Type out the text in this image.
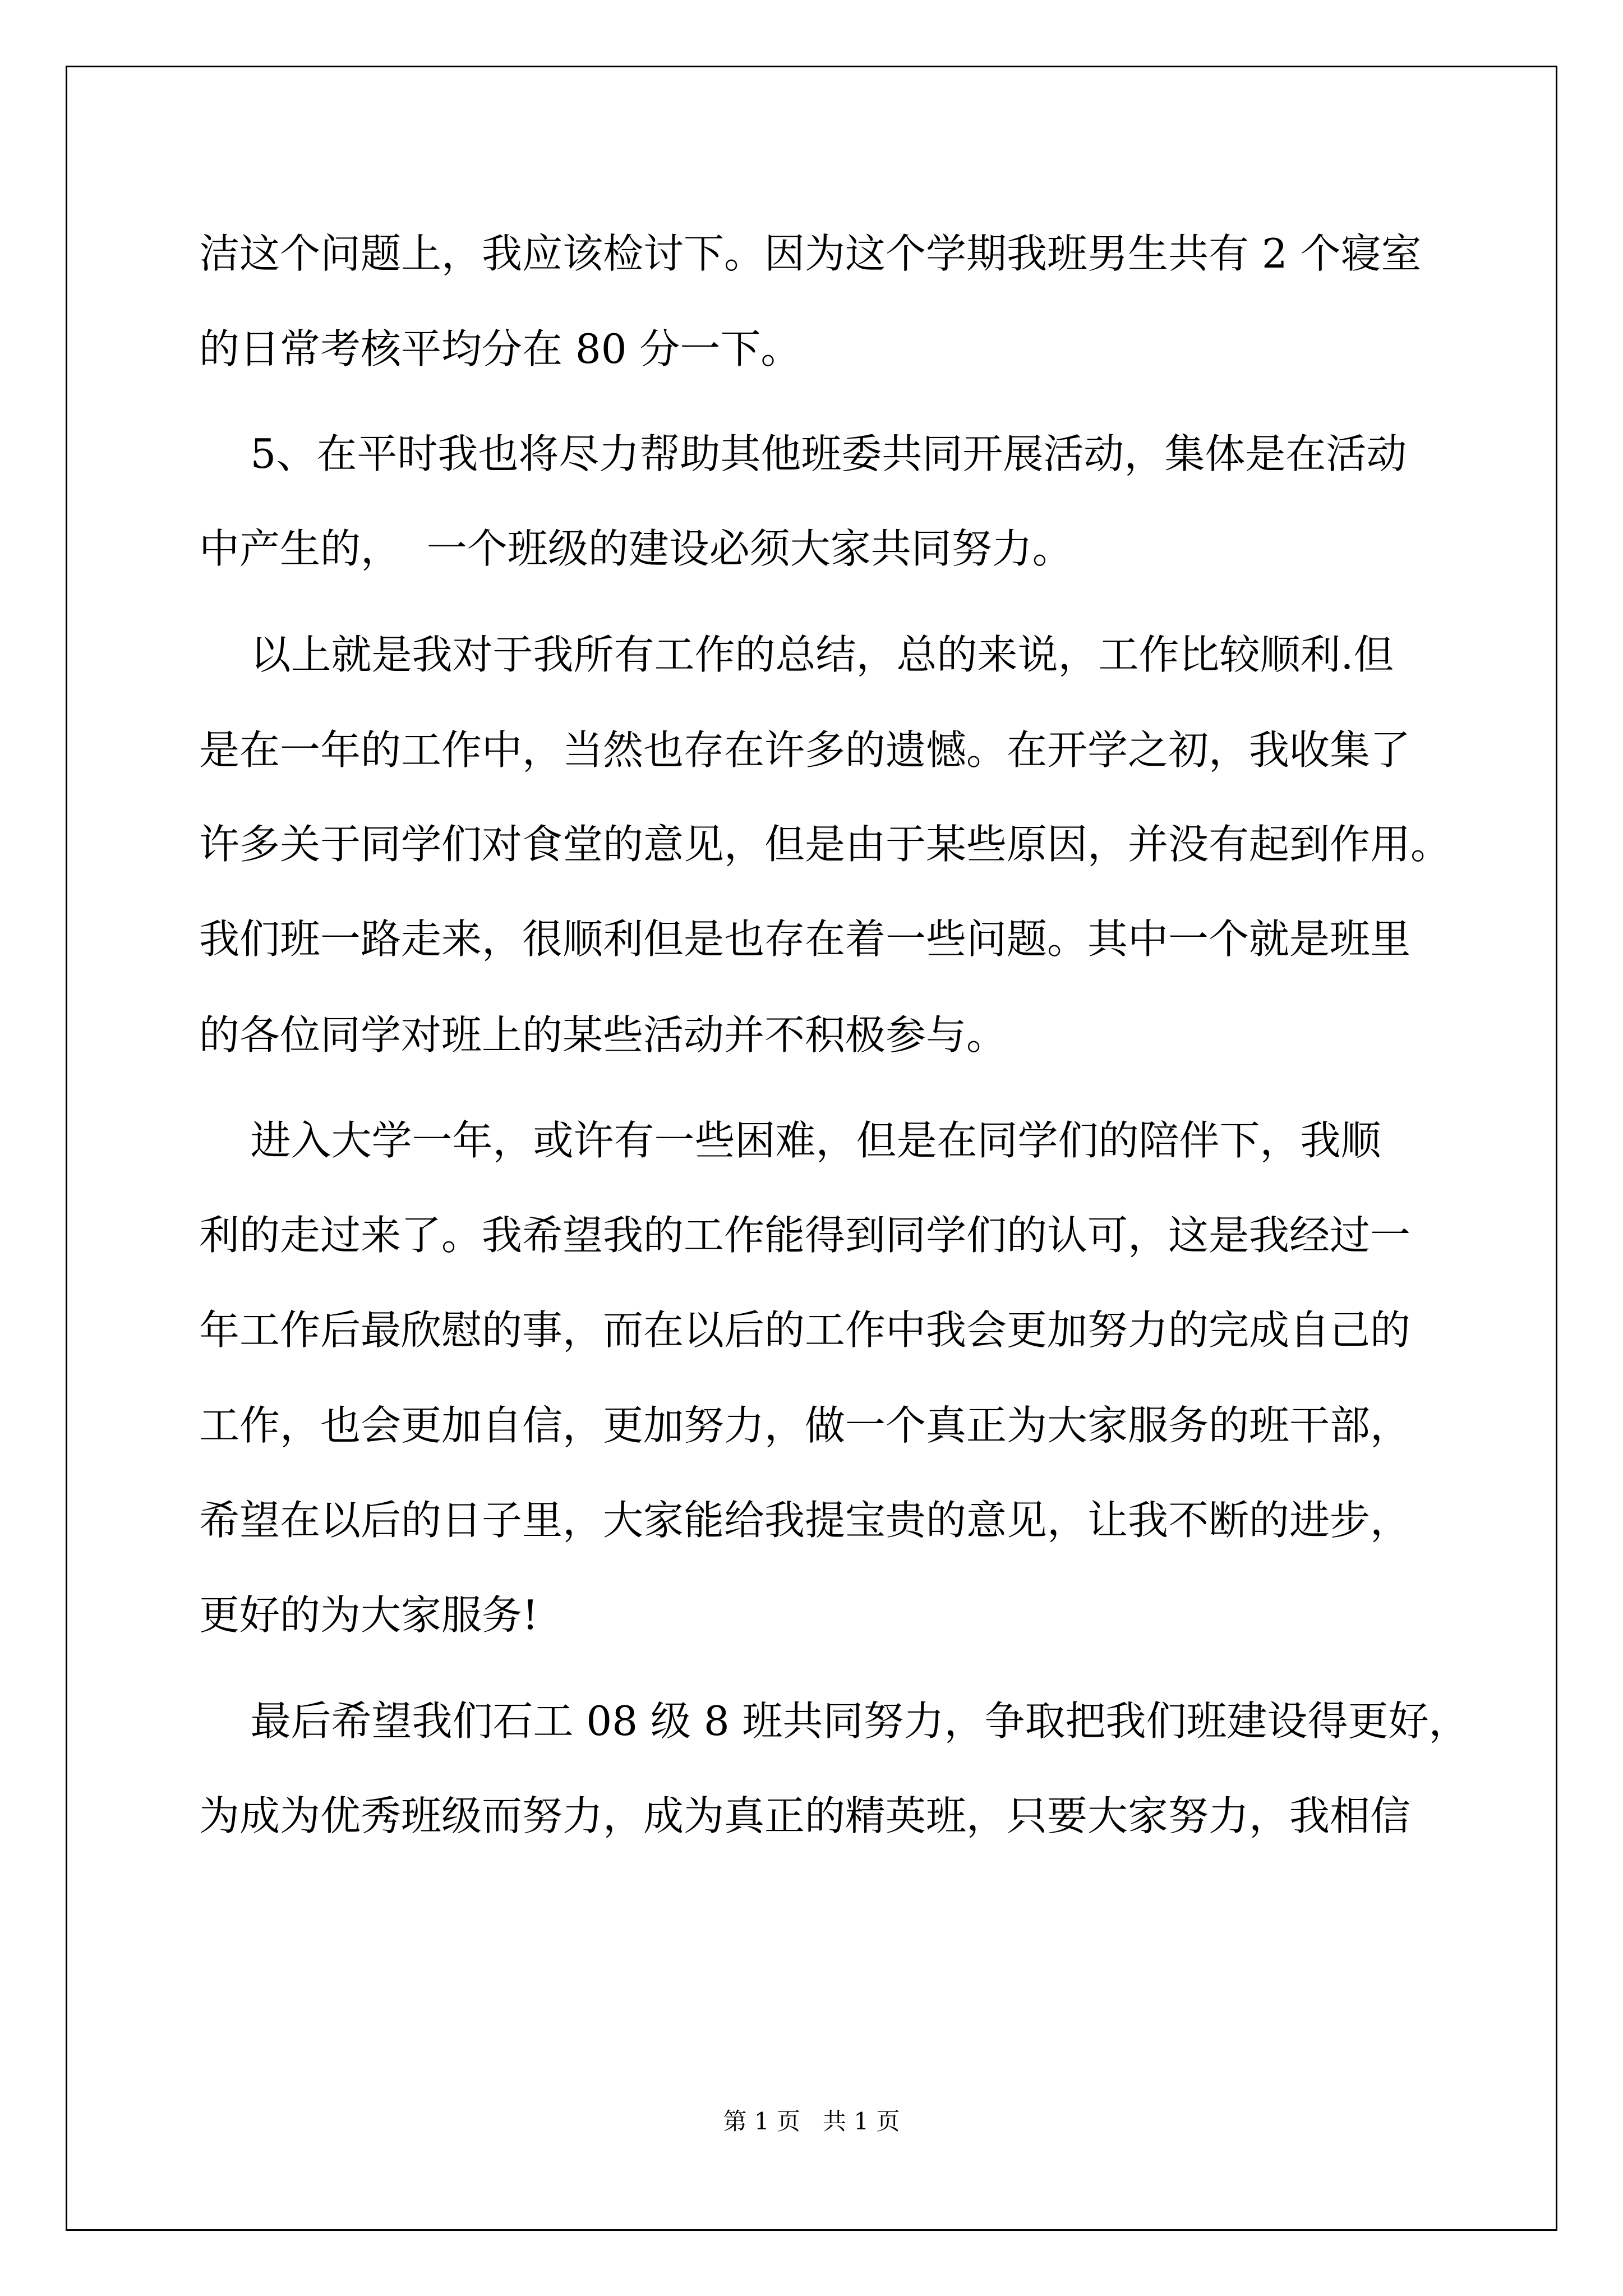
洁这个问题上，我应该检讨下。因为这个学期我班男生共有 2 个寝室

的日常考核平均分在 80 分一下。

5、在平时我也将尽力帮助其他班委共同开展活动，集体是在活动

中产生的，  一个班级的建设必须大家共同努力。

以上就是我对于我所有工作的总结，总的来说，工作比较顺利.但

是在一年的工作中，当然也存在许多的遗憾。在开学之初，我收集了

许多关于同学们对食堂的意见，但是由于某些原因，并没有起到作用。

我们班一路走来，很顺利但是也存在着一些问题。其中一个就是班里

的各位同学对班上的某些活动并不积极参与。

进入大学一年，或许有一些困难，但是在同学们的陪伴下，我顺

利的走过来了。我希望我的工作能得到同学们的认可，这是我经过一

年工作后最欣慰的事，而在以后的工作中我会更加努力的完成自己的

工作，也会更加自信，更加努力，做一个真正为大家服务的班干部，

希望在以后的日子里，大家能给我提宝贵的意见，让我不断的进步，

更好的为大家服务!

最后希望我们石工 08 级 8 班共同努力，争取把我们班建设得更好，

为成为优秀班级而努力，成为真正的精英班，只要大家努力，我相信

第 1 页   共 1 页
